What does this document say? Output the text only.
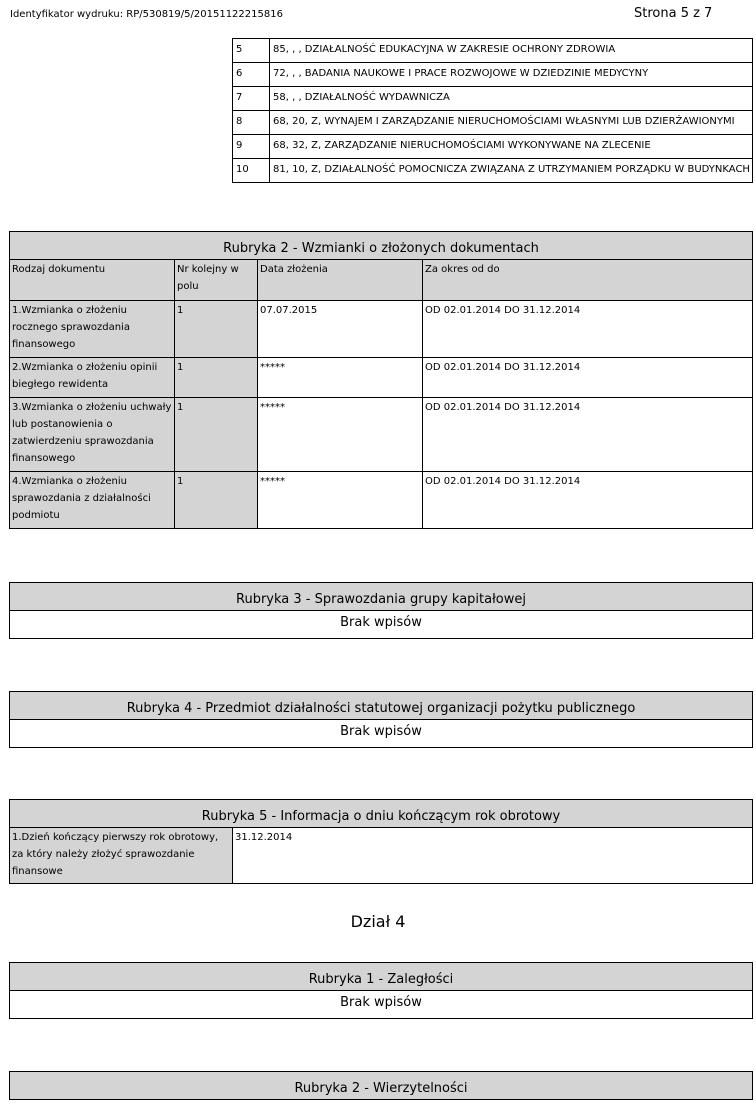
Identyfikator wydruku: RP/530819/5/20151122215816	Strona 5 z 7
5	85, , , DZIAŁALNOŚĆ EDUKACYJNA W ZAKRESIE OCHRONY ZDROWIA
6	72, , , BADANIA NAUKOWE I PRACE ROZWOJOWE W DZIEDZINIE MEDYCYNY
7	58, , , DZIAŁALNOŚĆ WYDAWNICZA
8	68, 20, Z, WYNAJEM I ZARZĄDZANIE NIERUCHOMOŚCIAMI WŁASNYMI LUB DZIERŻAWIONYMI
9	68, 32, Z, ZARZĄDZANIE NIERUCHOMOŚCIAMI WYKONYWANE NA ZLECENIE
10	81, 10, Z, DZIAŁALNOŚĆ POMOCNICZA ZWIĄZANA Z UTRZYMANIEM PORZĄDKU W BUDYNKACH
Rubryka 2 - Wzmianki o złożonych dokumentach			
Rodzaj dokumentu	Nr kolejny w polu	Data złożenia	Za okres od do
1.Wzmianka o złożeniu rocznego sprawozdania finansowego	1	07.07.2015	OD 02.01.2014 DO 31.12.2014
2.Wzmianka o złożeniu opinii biegłego rewidenta	1	*****	OD 02.01.2014 DO 31.12.2014
3.Wzmianka o złożeniu uchwały lub postanowienia o zatwierdzeniu sprawozdania finansowego	1	*****	OD 02.01.2014 DO 31.12.2014
4.Wzmianka o złożeniu sprawozdania z działalności podmiotu	1	*****	OD 02.01.2014 DO 31.12.2014
Rubryka 3 - Sprawozdania grupy kapitałowej
Brak wpisów
Rubryka 4 - Przedmiot działalności statutowej organizacji pożytku publicznego
Brak wpisów
Rubryka 5 - Informacja o dniu kończącym rok obrotowy
1.Dzień kończący pierwszy rok obrotowy, za który należy złożyć sprawozdanie finansowe	31.12.2014
Dział 4
Rubryka 1 - Zaległości
Brak wpisów
Rubryka 2 - Wierzytelności
